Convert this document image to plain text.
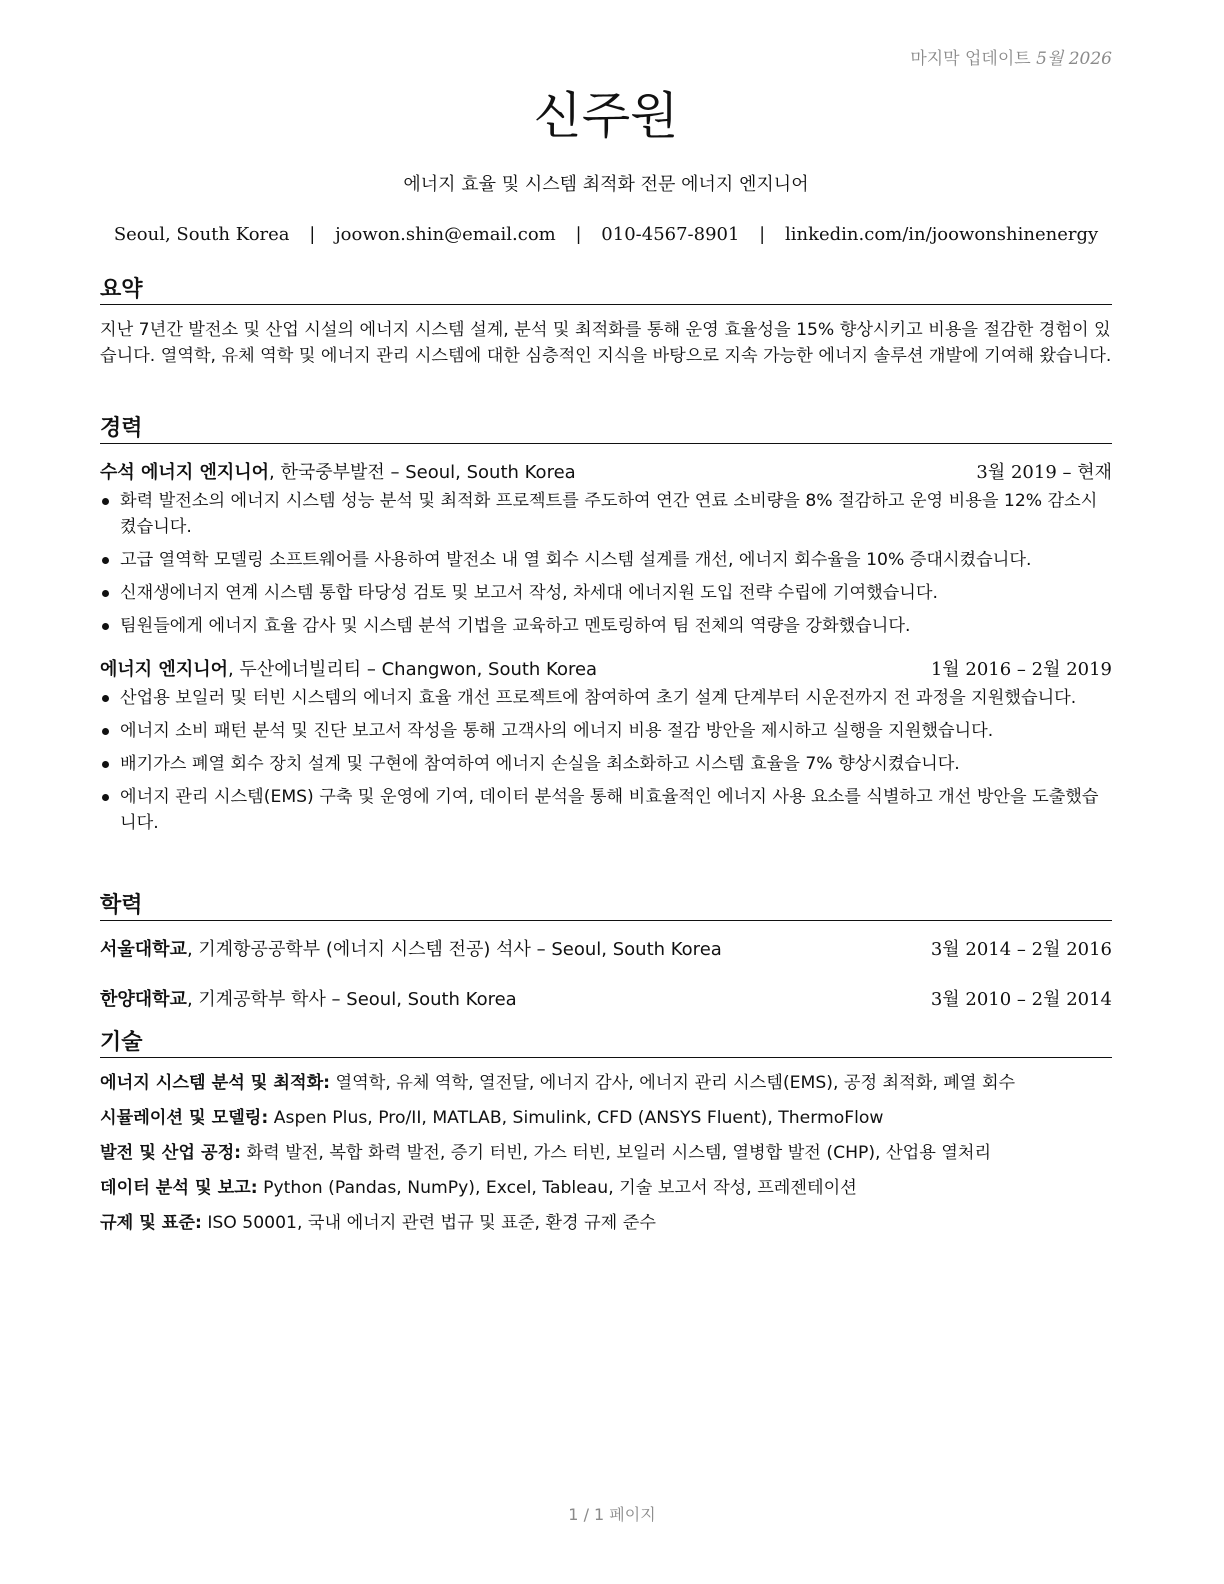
마지막 업데이트 5월 2026
신주원
에너지 효율 및 시스템 최적화 전문 에너지 엔지니어
Seoul, South Korea | joowon.shin@email.com | 010-4567-8901 | linkedin.com/in/joowonshinenergy
요약
지난 7년간 발전소 및 산업 시설의 에너지 시스템 설계, 분석 및 최적화를 통해 운영 효율성을 15% 향상시키고 비용을 절감한 경험이 있습니다. 열역학, 유체 역학 및 에너지 관리 시스템에 대한 심층적인 지식을 바탕으로 지속 가능한 에너지 솔루션 개발에 기여해 왔습니다.
경력
수석 에너지 엔지니어, 한국중부발전 – Seoul, South Korea	3월 2019 – 현재
화력 발전소의 에너지 시스템 성능 분석 및 최적화 프로젝트를 주도하여 연간 연료 소비량을 8% 절감하고 운영 비용을 12% 감소시켰습니다.
고급 열역학 모델링 소프트웨어를 사용하여 발전소 내 열 회수 시스템 설계를 개선, 에너지 회수율을 10% 증대시켰습니다.
신재생에너지 연계 시스템 통합 타당성 검토 및 보고서 작성, 차세대 에너지원 도입 전략 수립에 기여했습니다.
팀원들에게 에너지 효율 감사 및 시스템 분석 기법을 교육하고 멘토링하여 팀 전체의 역량을 강화했습니다.
에너지 엔지니어, 두산에너빌리티 – Changwon, South Korea	1월 2016 – 2월 2019
산업용 보일러 및 터빈 시스템의 에너지 효율 개선 프로젝트에 참여하여 초기 설계 단계부터 시운전까지 전 과정을 지원했습니다.
에너지 소비 패턴 분석 및 진단 보고서 작성을 통해 고객사의 에너지 비용 절감 방안을 제시하고 실행을 지원했습니다.
배기가스 폐열 회수 장치 설계 및 구현에 참여하여 에너지 손실을 최소화하고 시스템 효율을 7% 향상시켰습니다.
에너지 관리 시스템(EMS) 구축 및 운영에 기여, 데이터 분석을 통해 비효율적인 에너지 사용 요소를 식별하고 개선 방안을 도출했습니다.
학력
서울대학교, 기계항공공학부 (에너지 시스템 전공) 석사 – Seoul, South Korea	3월 2014 – 2월 2016
한양대학교, 기계공학부 학사 – Seoul, South Korea	3월 2010 – 2월 2014
기술
에너지 시스템 분석 및 최적화: 열역학, 유체 역학, 열전달, 에너지 감사, 에너지 관리 시스템(EMS), 공정 최적화, 폐열 회수
시뮬레이션 및 모델링: Aspen Plus, Pro/II, MATLAB, Simulink, CFD (ANSYS Fluent), ThermoFlow
발전 및 산업 공정: 화력 발전, 복합 화력 발전, 증기 터빈, 가스 터빈, 보일러 시스템, 열병합 발전 (CHP), 산업용 열처리
데이터 분석 및 보고: Python (Pandas, NumPy), Excel, Tableau, 기술 보고서 작성, 프레젠테이션
규제 및 표준: ISO 50001, 국내 에너지 관련 법규 및 표준, 환경 규제 준수
1 / 1 페이지
